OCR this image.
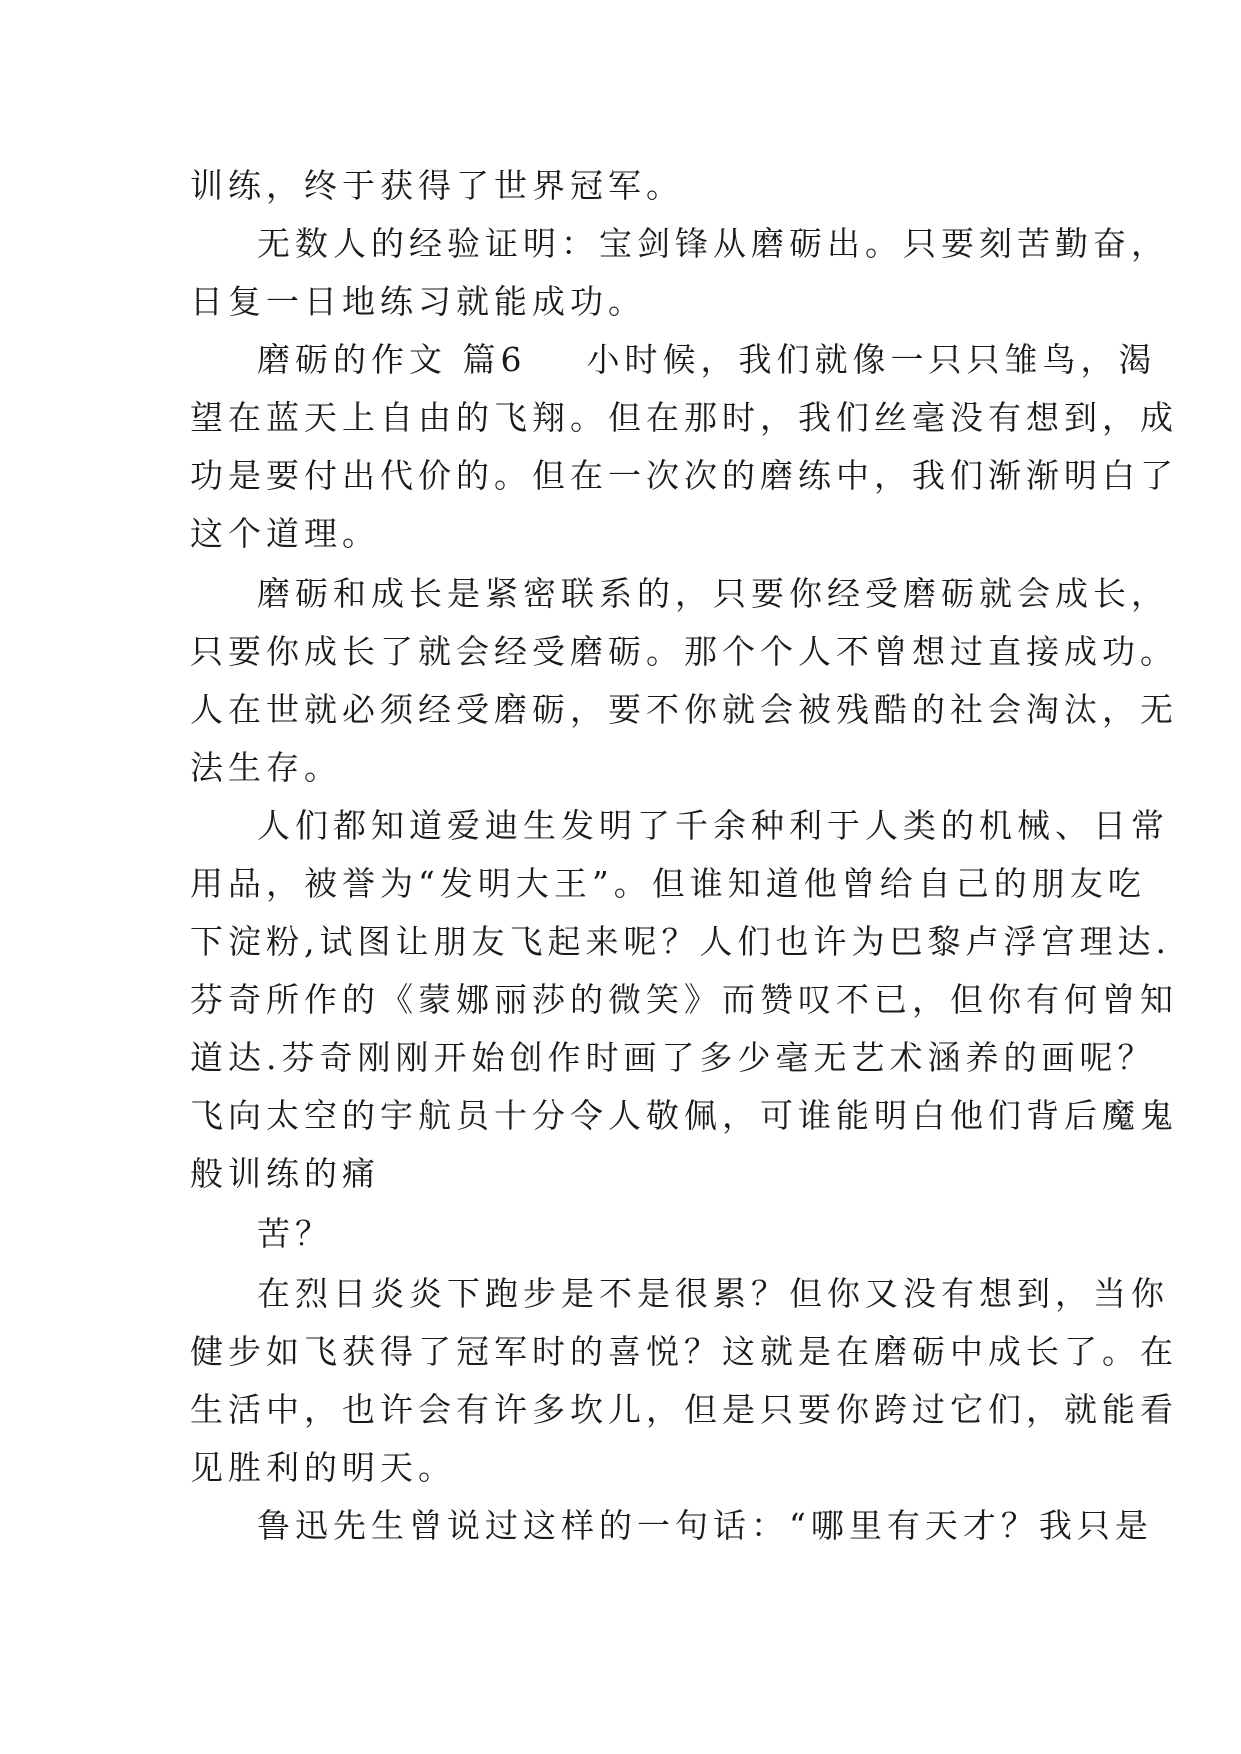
训练，终于获得了世界冠军。
无数人的经验证明：宝剑锋从磨砺出。只要刻苦勤奋，
日复一日地练习就能成功。
磨砺的作文 篇6 小时候，我们就像一只只雏鸟，渴
望在蓝天上自由的飞翔。但在那时，我们丝毫没有想到，成
功是要付出代价的。但在一次次的磨练中，我们渐渐明白了
这个道理。
磨砺和成长是紧密联系的，只要你经受磨砺就会成长，
只要你成长了就会经受磨砺。那个个人不曾想过直接成功。
人在世就必须经受磨砺，要不你就会被残酷的社会淘汰，无
法生存。
人们都知道爱迪生发明了千余种利于人类的机械、日常
用品，被誉为“发明大王”。但谁知道他曾给自己的朋友吃
下淀粉,试图让朋友飞起来呢？人们也许为巴黎卢浮宫理达.
芬奇所作的《蒙娜丽莎的微笑》而赞叹不已，但你有何曾知
道达.芬奇刚刚开始创作时画了多少毫无艺术涵养的画呢？
飞向太空的宇航员十分令人敬佩，可谁能明白他们背后魔鬼
般训练的痛
苦？
在烈日炎炎下跑步是不是很累？但你又没有想到，当你
健步如飞获得了冠军时的喜悦？这就是在磨砺中成长了。在
生活中，也许会有许多坎儿，但是只要你跨过它们，就能看
见胜利的明天。
鲁迅先生曾说过这样的一句话：“哪里有天才？我只是
